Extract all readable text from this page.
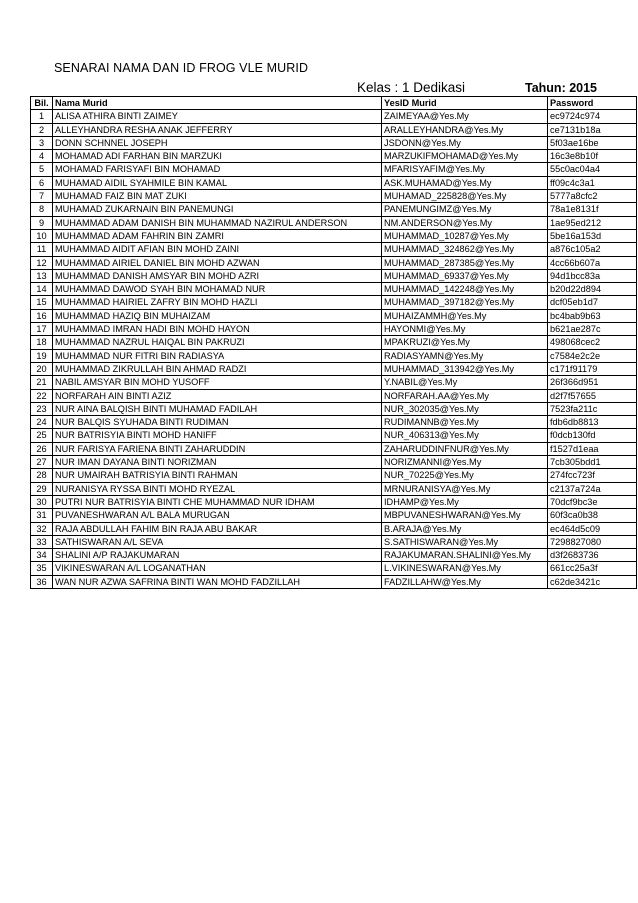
SENARAI NAMA DAN ID FROG VLE MURID
Kelas : 1 Dedikasi	Tahun: 2015
Bil.	Nama Murid	YesID Murid	Password
1	ALISA ATHIRA BINTI ZAIMEY	ZAIMEYAA@Yes.My	ec9724c974
2	ALLEYHANDRA RESHA ANAK JEFFERRY	ARALLEYHANDRA@Yes.My	ce7131b18a
3	DONN SCHNNEL JOSEPH	JSDONN@Yes.My	5f03ae16be
4	MOHAMAD ADI FARHAN BIN MARZUKI	MARZUKIFMOHAMAD@Yes.My	16c3e8b10f
5	MOHAMAD FARISYAFI BIN MOHAMAD	MFARISYAFIM@Yes.My	55c0ac04a4
6	MUHAMAD AIDIL SYAHMILE BIN KAMAL	ASK.MUHAMAD@Yes.My	ff09c4c3a1
7	MUHAMAD FAIZ BIN MAT ZUKI	MUHAMAD_225828@Yes.My	5777a8cfc2
8	MUHAMAD ZUKARNAIN BIN PANEMUNGI	PANEMUNGIMZ@Yes.My	78a1e8131f
9	MUHAMMAD ADAM DANISH BIN MUHAMMAD NAZIRUL ANDERSON	NM.ANDERSON@Yes.My	1ae95ed212
10	MUHAMMAD ADAM FAHRIN BIN ZAMRI	MUHAMMAD_10287@Yes.My	5be16a153d
11	MUHAMMAD AIDIT AFIAN BIN MOHD ZAINI	MUHAMMAD_324862@Yes.My	a876c105a2
12	MUHAMMAD AIRIEL DANIEL BIN MOHD AZWAN	MUHAMMAD_287385@Yes.My	4cc66b607a
13	MUHAMMAD DANISH AMSYAR BIN MOHD AZRI	MUHAMMAD_69337@Yes.My	94d1bcc83a
14	MUHAMMAD DAWOD SYAH BIN MOHAMAD NUR	MUHAMMAD_142248@Yes.My	b20d22d894
15	MUHAMMAD HAIRIEL ZAFRY BIN MOHD HAZLI	MUHAMMAD_397182@Yes.My	dcf05eb1d7
16	MUHAMMAD HAZIQ BIN MUHAIZAM	MUHAIZAMMH@Yes.My	bc4bab9b63
17	MUHAMMAD IMRAN HADI BIN MOHD HAYON	HAYONMI@Yes.My	b621ae287c
18	MUHAMMAD NAZRUL HAIQAL BIN PAKRUZI	MPAKRUZI@Yes.My	498068cec2
19	MUHAMMAD NUR FITRI BIN RADIASYA	RADIASYAMN@Yes.My	c7584e2c2e
20	MUHAMMAD ZIKRULLAH BIN AHMAD RADZI	MUHAMMAD_313942@Yes.My	c171f91179
21	NABIL AMSYAR BIN MOHD YUSOFF	Y.NABIL@Yes.My	26f366d951
22	NORFARAH AIN BINTI AZIZ	NORFARAH.AA@Yes.My	d2f7f57655
23	NUR AINA BALQISH BINTI MUHAMAD FADILAH	NUR_302035@Yes.My	7523fa211c
24	NUR BALQIS SYUHADA BINTI RUDIMAN	RUDIMANNB@Yes.My	fdb6db8813
25	NUR BATRISYIA BINTI MOHD HANIFF	NUR_406313@Yes.My	f0dcb130fd
26	NUR FARISYA FARIENA BINTI ZAHARUDDIN	ZAHARUDDINFNUR@Yes.My	f1527d1eaa
27	NUR IMAN DAYANA BINTI NORIZMAN	NORIZMANNI@Yes.My	7cb305bdd1
28	NUR UMAIRAH BATRISYIA BINTI RAHMAN	NUR_70225@Yes.My	274fcc723f
29	NURANISYA RYSSA BINTI MOHD RYEZAL	MRNURANISYA@Yes.My	c2137a724a
30	PUTRI NUR BATRISYIA BINTI CHE MUHAMMAD NUR IDHAM	IDHAMP@Yes.My	70dcf9bc3e
31	PUVANESHWARAN A/L BALA MURUGAN	MBPUVANESHWARAN@Yes.My	60f3ca0b38
32	RAJA ABDULLAH FAHIM BIN RAJA ABU BAKAR	B.ARAJA@Yes.My	ec464d5c09
33	SATHISWARAN A/L SEVA	S.SATHISWARAN@Yes.My	7298827080
34	SHALINI A/P RAJAKUMARAN	RAJAKUMARAN.SHALINI@Yes.My	d3f2683736
35	VIKINESWARAN A/L LOGANATHAN	L.VIKINESWARAN@Yes.My	661cc25a3f
36	WAN NUR AZWA SAFRINA BINTI WAN MOHD FADZILLAH	FADZILLAHW@Yes.My	c62de3421c
